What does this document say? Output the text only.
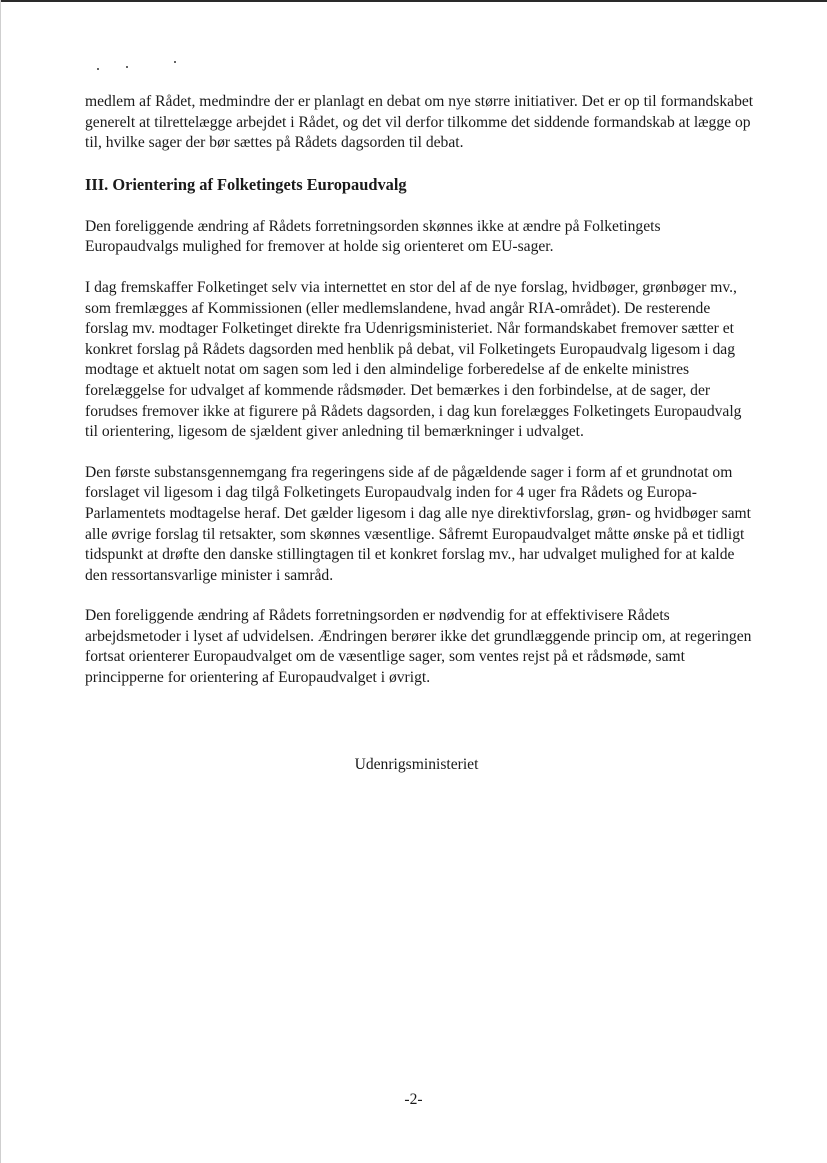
medlem af Rådet, medmindre der er planlagt en debat om nye større initiativer. Det er op til formandskabet generelt at tilrettelægge arbejdet i Rådet, og det vil derfor tilkomme det siddende formandskab at lægge op til, hvilke sager der bør sættes på Rådets dagsorden til debat.

III. Orientering af Folketingets Europaudvalg

Den foreliggende ændring af Rådets forretningsorden skønnes ikke at ændre på Folketingets Europaudvalgs mulighed for fremover at holde sig orienteret om EU-sager.

I dag fremskaffer Folketinget selv via internettet en stor del af de nye forslag, hvidbøger, grønbøger mv., som fremlægges af Kommissionen (eller medlemslandene, hvad angår RIA-området). De resterende forslag mv. modtager Folketinget direkte fra Udenrigsministeriet. Når formandskabet fremover sætter et konkret forslag på Rådets dagsorden med henblik på debat, vil Folketingets Europaudvalg ligesom i dag modtage et aktuelt notat om sagen som led i den almindelige forberedelse af de enkelte ministres forelæggelse for udvalget af kommende rådsmøder. Det bemærkes i den forbindelse, at de sager, der forudses fremover ikke at figurere på Rådets dagsorden, i dag kun forelægges Folketingets Europaudvalg til orientering, ligesom de sjældent giver anledning til bemærkninger i udvalget.

Den første substansgennemgang fra regeringens side af de pågældende sager i form af et grundnotat om forslaget vil ligesom i dag tilgå Folketingets Europaudvalg inden for 4 uger fra Rådets og Europa-Parlamentets modtagelse heraf. Det gælder ligesom i dag alle nye direktivforslag, grøn- og hvidbøger samt alle øvrige forslag til retsakter, som skønnes væsentlige. Såfremt Europaudvalget måtte ønske på et tidligt tidspunkt at drøfte den danske stillingtagen til et konkret forslag mv., har udvalget mulighed for at kalde den ressortansvarlige minister i samråd.

Den foreliggende ændring af Rådets forretningsorden er nødvendig for at effektivisere Rådets arbejdsmetoder i lyset af udvidelsen. Ændringen berører ikke det grundlæggende princip om, at regeringen fortsat orienterer Europaudvalget om de væsentlige sager, som ventes rejst på et rådsmøde, samt principperne for orientering af Europaudvalget i øvrigt.

Udenrigsministeriet
-2-
